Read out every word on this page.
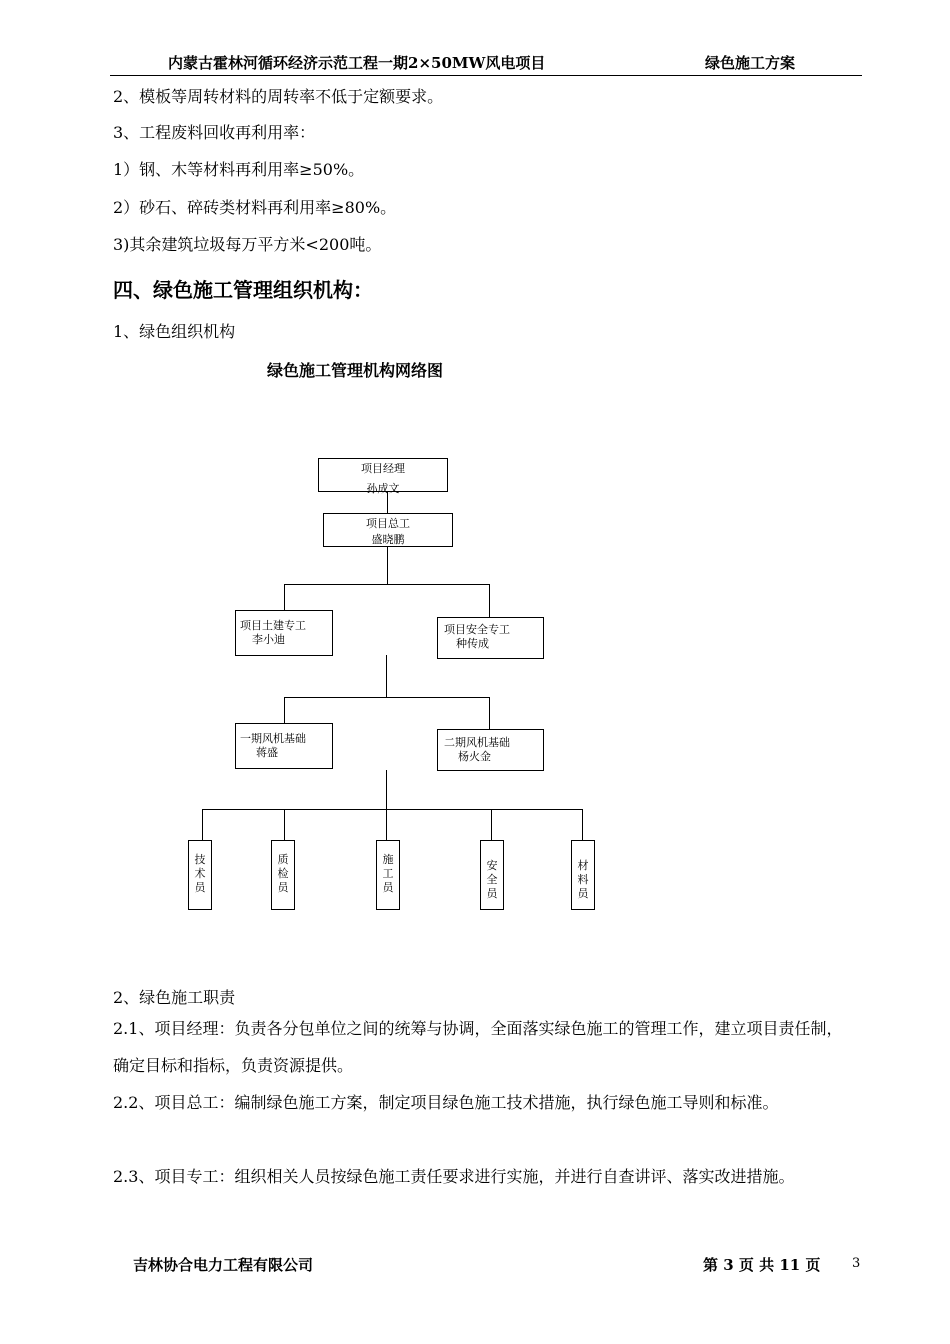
内蒙古霍林河循环经济示范工程一期2×50MW风电项目	绿色施工方案
2、模板等周转材料的周转率不低于定额要求。
3、工程废料回收再利用率：
1）钢、木等材料再利用率≥50%。
2）砂石、碎砖类材料再利用率≥80%。
3)其余建筑垃圾每万平方米<200吨。
四、绿色施工管理组织机构：
1、绿色组织机构
绿色施工管理机构网络图
项目经理
孙成文
项目总工
盛晓鹏
项目土建专工
李小迪
项目安全专工
种传成
一期风机基础
蒋盛
二期风机基础
杨火金
技术员
质检员
施工员
安全员
材料员
2、绿色施工职责
2.1、项目经理：负责各分包单位之间的统筹与协调，全面落实绿色施工的管理工作，建立项目责任制，确定目标和指标，负责资源提供。
2.2、项目总工：编制绿色施工方案，制定项目绿色施工技术措施，执行绿色施工导则和标准。
2.3、项目专工：组织相关人员按绿色施工责任要求进行实施，并进行自查讲评、落实改进措施。
吉林协合电力工程有限公司	第 3 页 共 11 页 3
